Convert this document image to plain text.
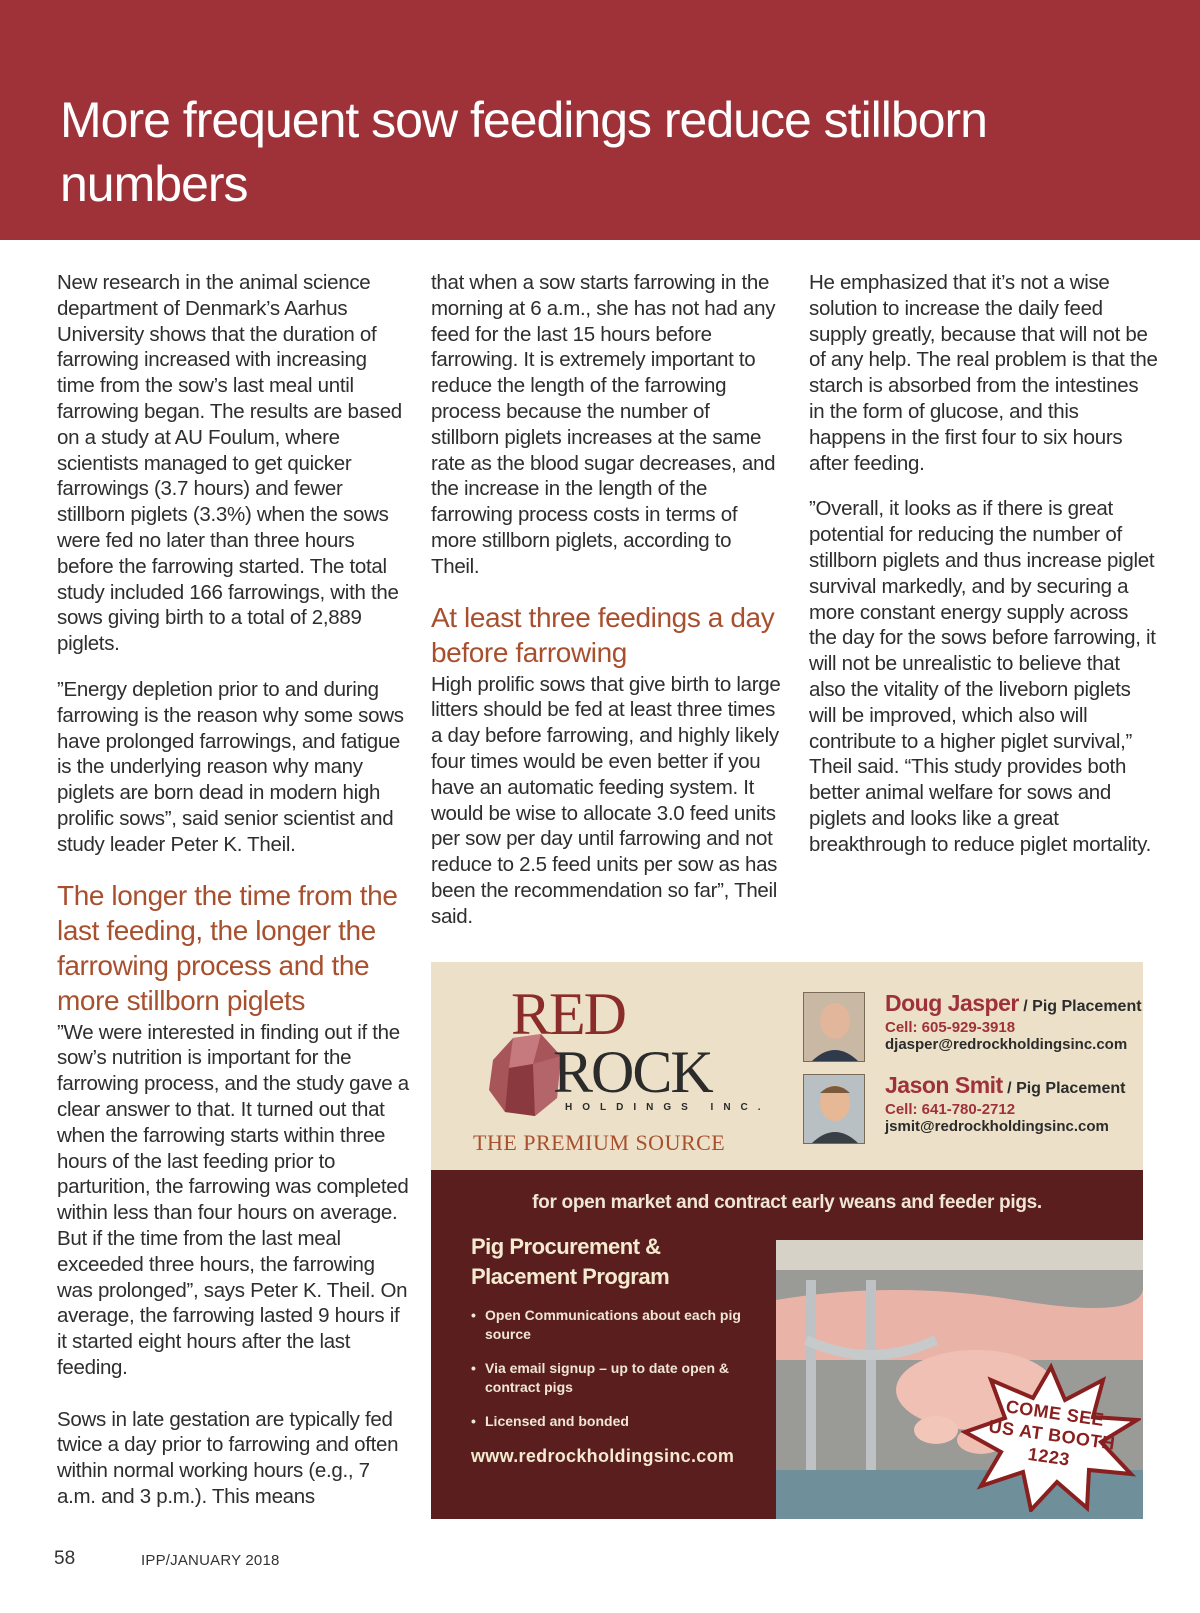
More frequent sow feedings reduce stillborn numbers

New research in the animal science department of Denmark’s Aarhus University shows that the duration of farrowing increased with increasing time from the sow’s last meal until farrowing began. The results are based on a study at AU Foulum, where scientists managed to get quicker farrowings (3.7 hours) and fewer stillborn piglets (3.3%) when the sows were fed no later than three hours before the farrowing started. The total study included 166 farrowings, with the sows giving birth to a total of 2,889 piglets.

”Energy depletion prior to and during farrowing is the reason why some sows have prolonged farrowings, and fatigue is the underlying reason why many piglets are born dead in modern high prolific sows”, said senior scientist and study leader Peter K. Theil.

The longer the time from the last feeding, the longer the farrowing process and the more stillborn piglets

”We were interested in finding out if the sow’s nutrition is important for the farrowing process, and the study gave a clear answer to that. It turned out that when the farrowing starts within three hours of the last feeding prior to parturition, the farrowing was completed within less than four hours on average. But if the time from the last meal exceeded three hours, the farrowing was prolonged”, says Peter K. Theil. On average, the farrowing lasted 9 hours if it started eight hours after the last feeding.

Sows in late gestation are typically fed twice a day prior to farrowing and often within normal working hours (e.g., 7 a.m. and 3 p.m.). This means

that when a sow starts farrowing in the morning at 6 a.m., she has not had any feed for the last 15 hours before farrowing. It is extremely important to reduce the length of the farrowing process because the number of stillborn piglets increases at the same rate as the blood sugar decreases, and the increase in the length of the farrowing process costs in terms of more stillborn piglets, according to Theil.

At least three feedings a day before farrowing

High prolific sows that give birth to large litters should be fed at least three times a day before farrowing, and highly likely four times would be even better if you have an automatic feeding system. It would be wise to allocate 3.0 feed units per sow per day until farrowing and not reduce to 2.5 feed units per sow as has been the recommendation so far”, Theil said.

He emphasized that it’s not a wise solution to increase the daily feed supply greatly, because that will not be of any help. The real problem is that the starch is absorbed from the intestines in the form of glucose, and this happens in the first four to six hours after feeding.

”Overall, it looks as if there is great potential for reducing the number of stillborn piglets and thus increase piglet survival markedly, and by securing a more constant energy supply across the day for the sows before farrowing, it will not be unrealistic to believe that also the vitality of the liveborn piglets will be improved, which also will contribute to a higher piglet survival,” Theil said. “This study provides both better animal welfare for sows and piglets and looks like a great breakthrough to reduce piglet mortality.

RED
ROCK
HOLDINGS INC.
THE PREMIUM SOURCE
Doug Jasper / Pig Placement
Cell: 605-929-3918
djasper@redrockholdingsinc.com
Jason Smit / Pig Placement
Cell: 641-780-2712
jsmit@redrockholdingsinc.com
for open market and contract early weans and feeder pigs.
Pig Procurement & Placement Program
• Open Communications about each pig source
• Via email signup – up to date open & contract pigs
• Licensed and bonded
www.redrockholdingsinc.com
COME SEE US AT BOOTH 1223
58	IPP/JANUARY 2018
